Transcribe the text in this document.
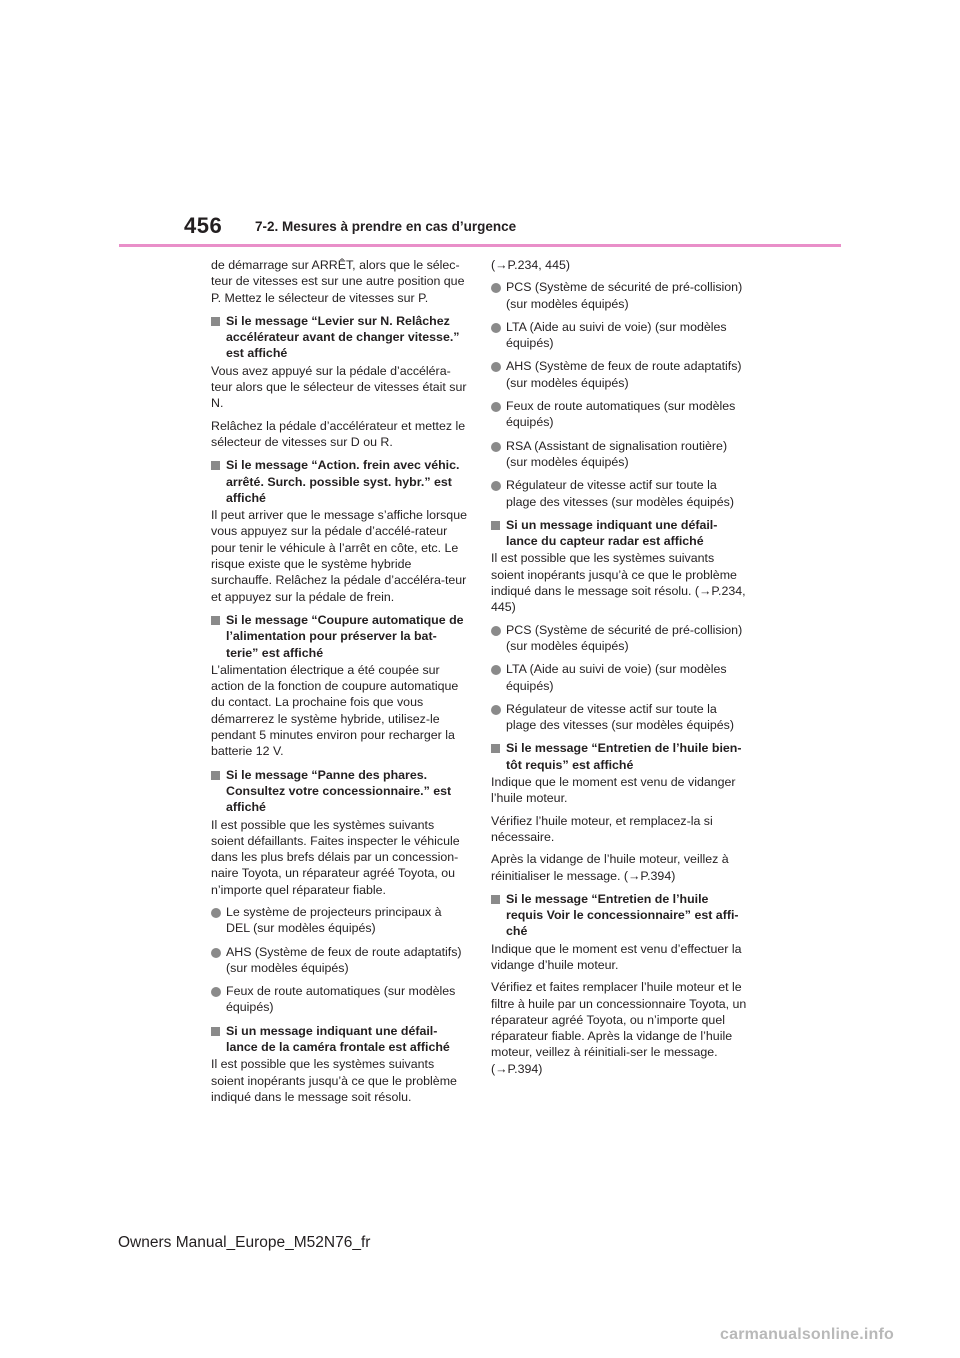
456 7-2. Mesures à prendre en cas d’urgence
de démarrage sur ARRÊT, alors que le sélec-teur de vitesses est sur une autre position que P. Mettez le sélecteur de vitesses sur P.
Si le message “Levier sur N. Relâchez accélérateur avant de changer vitesse.” est affiché
Vous avez appuyé sur la pédale d’accéléra-teur alors que le sélecteur de vitesses était sur N.
Relâchez la pédale d’accélérateur et mettez le sélecteur de vitesses sur D ou R.
Si le message “Action. frein avec véhic. arrêté. Surch. possible syst. hybr.” est affiché
Il peut arriver que le message s’affiche lorsque vous appuyez sur la pédale d’accélé-rateur pour tenir le véhicule à l’arrêt en côte, etc. Le risque existe que le système hybride surchauffe. Relâchez la pédale d’accéléra-teur et appuyez sur la pédale de frein.
Si le message “Coupure automatique de l’alimentation pour préserver la bat-terie” est affiché
L’alimentation électrique a été coupée sur action de la fonction de coupure automatique du contact. La prochaine fois que vous démarrerez le système hybride, utilisez-le pendant 5 minutes environ pour recharger la batterie 12 V.
Si le message “Panne des phares. Consultez votre concessionnaire.” est affiché
Il est possible que les systèmes suivants soient défaillants. Faites inspecter le véhicule dans les plus brefs délais par un concession-naire Toyota, un réparateur agréé Toyota, ou n’importe quel réparateur fiable.
Le système de projecteurs principaux à DEL (sur modèles équipés)
AHS (Système de feux de route adaptatifs) (sur modèles équipés)
Feux de route automatiques (sur modèles équipés)
Si un message indiquant une défail-lance de la caméra frontale est affiché
Il est possible que les systèmes suivants soient inopérants jusqu’à ce que le problème indiqué dans le message soit résolu.
(→P.234, 445)
PCS (Système de sécurité de pré-collision) (sur modèles équipés)
LTA (Aide au suivi de voie) (sur modèles équipés)
AHS (Système de feux de route adaptatifs) (sur modèles équipés)
Feux de route automatiques (sur modèles équipés)
RSA (Assistant de signalisation routière) (sur modèles équipés)
Régulateur de vitesse actif sur toute la plage des vitesses (sur modèles équipés)
Si un message indiquant une défail-lance du capteur radar est affiché
Il est possible que les systèmes suivants soient inopérants jusqu’à ce que le problème indiqué dans le message soit résolu. (→P.234, 445)
PCS (Système de sécurité de pré-collision) (sur modèles équipés)
LTA (Aide au suivi de voie) (sur modèles équipés)
Régulateur de vitesse actif sur toute la plage des vitesses (sur modèles équipés)
Si le message “Entretien de l’huile bien-tôt requis” est affiché
Indique que le moment est venu de vidanger l’huile moteur.
Vérifiez l’huile moteur, et remplacez-la si nécessaire.
Après la vidange de l’huile moteur, veillez à réinitialiser le message. (→P.394)
Si le message “Entretien de l’huile requis Voir le concessionnaire” est affi-ché
Indique que le moment est venu d’effectuer la vidange d’huile moteur.
Vérifiez et faites remplacer l’huile moteur et le filtre à huile par un concessionnaire Toyota, un réparateur agréé Toyota, ou n’importe quel réparateur fiable. Après la vidange de l’huile moteur, veillez à réinitiali-ser le message. (→P.394)
Owners Manual_Europe_M52N76_fr
carmanualsonline.info
